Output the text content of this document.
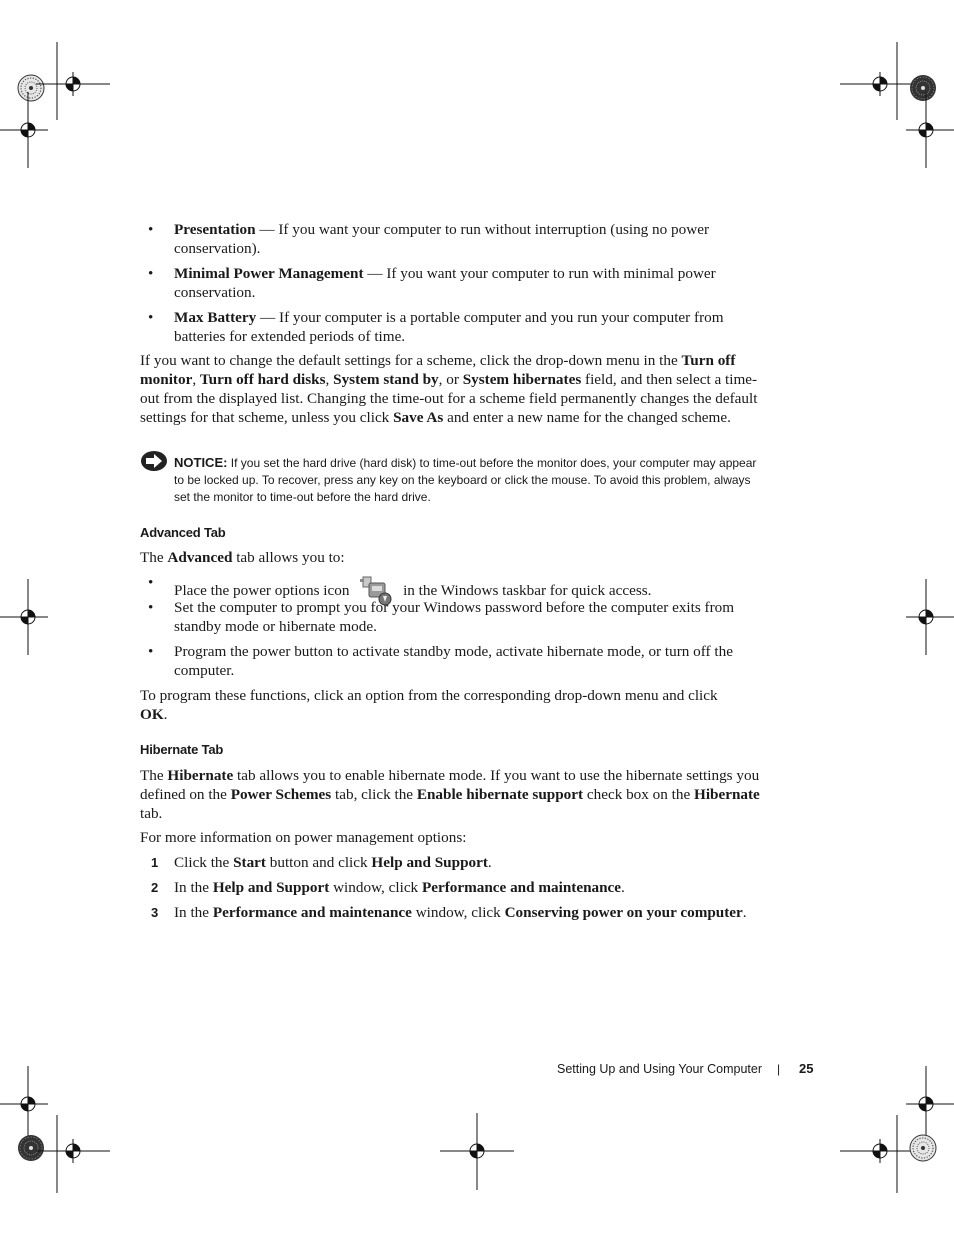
• Presentation — If you want your computer to run without interruption (using no power conservation).
• Minimal Power Management — If you want your computer to run with minimal power conservation.
• Max Battery — If your computer is a portable computer and you run your computer from batteries for extended periods of time.
If you want to change the default settings for a scheme, click the drop-down menu in the Turn off monitor, Turn off hard disks, System stand by, or System hibernates field, and then select a time-out from the displayed list. Changing the time-out for a scheme field permanently changes the default settings for that scheme, unless you click Save As and enter a new name for the changed scheme.
NOTICE: If you set the hard drive (hard disk) to time-out before the monitor does, your computer may appear to be locked up. To recover, press any key on the keyboard or click the mouse. To avoid this problem, always set the monitor to time-out before the hard drive.
Advanced Tab
The Advanced tab allows you to:
• Place the power options icon	in the Windows taskbar for quick access.
• Set the computer to prompt you for your Windows password before the computer exits from standby mode or hibernate mode.
• Program the power button to activate standby mode, activate hibernate mode, or turn off the computer.
To program these functions, click an option from the corresponding drop-down menu and click OK.
Hibernate Tab
The Hibernate tab allows you to enable hibernate mode. If you want to use the hibernate settings you defined on the Power Schemes tab, click the Enable hibernate support check box on the Hibernate tab.
For more information on power management options:
1 Click the Start button and click Help and Support.
2 In the Help and Support window, click Performance and maintenance.
3 In the Performance and maintenance window, click Conserving power on your computer.
Setting Up and Using Your Computer | 25
